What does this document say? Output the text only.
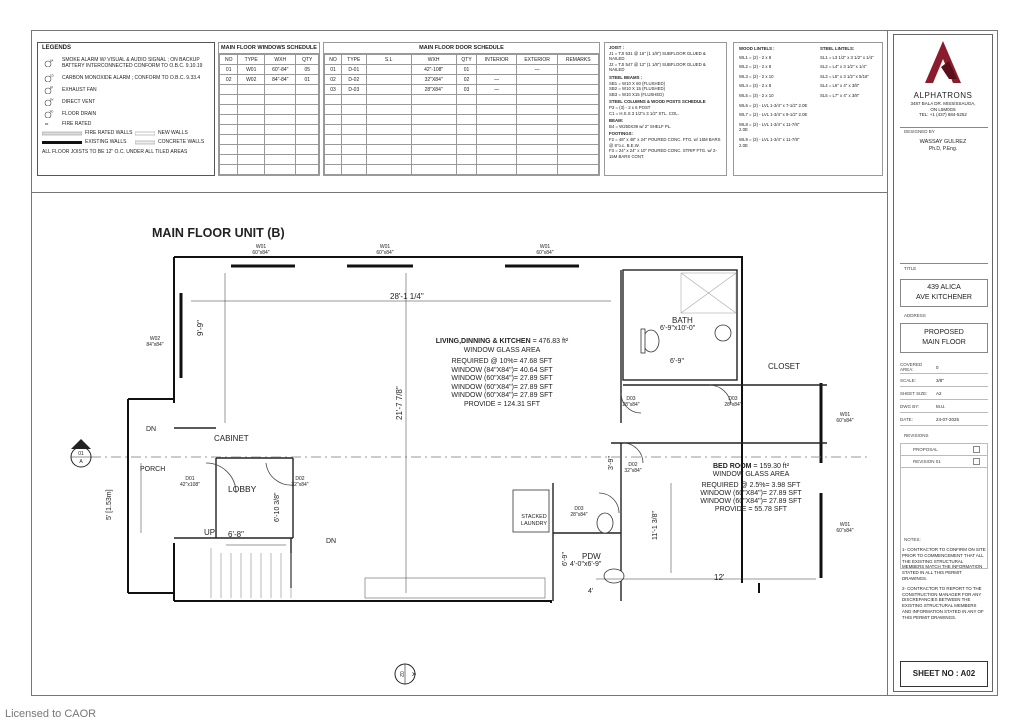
LEGENDS
SA SMOKE ALARM W/ VISUAL & AUDIO SIGNAL ; ON BACKUP BATTERY INTERCONNECTED CONFORM TO O.B.C. 9.10.19
CO CARBON MONOXIDE ALARM ; CONFORM TO O.B.C. 9.33.4
EF EXHAUST FAN
DV DIRECT VENT
FD FLOOR DRAIN
FR	FIRE RATED
FIRE RATED WALLS	NEW WALLS
EXISTING WALLS	CONCRETE WALLS
ALL FLOOR JOISTS TO BE 12" O.C. UNDER ALL TILED AREAS
MAIN FLOOR WINDOWS SCHEDULE
NO	TYPE	WXH	QTY
01	W01	60"-84"	05
02	W02	84"-84"	01

MAIN FLOOR DOOR SCHEDULE
NO	TYPE	S.L	WXH	QTY	INTERIOR	EXTERIOR	REMARKS
01	D-01		42"-108"	01		⁓	
02	D-02		32"X84"	02	⁓		
03	D-03		28"X84"	03	⁓		

JOIST :
J1 = TJI 531 @ 16" (1 1/8") SUBFLOOR GLUED & NAILED
J2 = TJI 547 @ 12" (1 1/8") SUBFLOOR GLUED & NAILED
STEEL BEAMS :
SB1 = W10 X 60 (FLUSHED)
SB2 = W10 X 15 (FLUSHED)
SB3 = W10 X15 (FLUSHED)
STEEL COLUMNS & WOOD POSTS SCHEDULE
P3 = (3) - 2 x 6 POST
C1 = H.S.S 3 1/2"x 3 1/2" STL. COL.
BEAM:
B4 = W250X39 w/ 2" SHELF PL.
FOOTINGS:
F2 = 48" x 48" x 24" POURED CONC. FTG. w/ 15M BARS @ 8"o.c. B.E.W.
F3 = 24" x 24" x 10" POURED CONC. STRIP FTG. w/ 2-15M BARS CONT.
WOOD LINTELS :
WL1 = (2) - 2 x 8
WL2 = (2) - 2 x 8
WL3 = (2) - 2 x 10
WL4 = (3) - 2 x 8
WL5 = (3) - 2 x 10
WL6 = (2) - LVL 1-3/4" x 7-1/2" 2.0E
WL7 = (2) - LVL 1-3/4" x 9-1/2" 2.0E
WL8 = (2) - LVL 1-3/4" x 11-7/8" 2.0E
WL9 = (3) - LVL 1-3/4" x 11-7/8" 2.0E
STEEL LINTELS:
SL1 = L3 1/2" x 3 1/2" x 1/4"
SL2 = L4" x 3 1/2" x 1/4"
SL3 = L5" x 3 1/2" x 5/16"
SL4 = L6" x 4" x 3/8"
SL5 = L7" x 4" x 3/8"	ALPHATRONS
3487 BALA DR. MISSISSAUGA,
ON L5M0G5
TEL: +1 (437) 684-5252
DESIGNED BY
WASSAY GULREZ
Ph.D, P.Eng.
TITLE
439 ALICA
AVE KITCHENER
ADDRESS
PROPOSED
MAIN FLOOR
COVERED AREA:	0
SCALE:	3/8"
SHEET SIZE:	A2
DWG BY:	M.U.
DATE:	24-07-2025
REVISIONS
PROPOSAL
REVISION 01
NOTES:
1- CONTRACTOR TO CONFIRM ON SITE PRIOR TO COMMENCEMENT THAT ALL THE EXISTING STRUCTURAL MEMBERS MATCH THE INFORMATION STATED IN ALL THIS PERMIT DRAWINGS.
2- CONTRACTOR TO REPORT TO THE CONSTRUCTION MANAGER FOR ANY DISCREPANCIES BETWEEN THE EXISTING STRUCTURAL MEMBERS AND INFORMATION STATED IN ANY OF THIS PERMIT DRAWINGS.
SHEET NO : A02
MAIN FLOOR UNIT (B)
W01
60"x84"
W01
60"x84"
W01
60"x84"
W02
84"x84"
W01
60"x84"
W01
60"x84"
28'-1 1/4"
9'-9"
21'-7 7/8"
LIVING,DINNING & KITCHEN = 476.83 ft²
WINDOW GLASS AREA
REQUIRED @ 10%= 47.68 SFT
WINDOW (84"X84")= 40.64 SFT
WINDOW (60"X84")= 27.89 SFT
WINDOW (60"X84")= 27.89 SFT
WINDOW (60"X84")= 27.89 SFT
PROVIDE = 124.31 SFT
BATH
6'-9"x10'-0"
6'-9"
CLOSET
BED ROOM = 159.30 ft²
WINDOW GLASS AREA
REQUIRED @ 2.5%= 3.98 SFT
WINDOW (60"X84")= 27.89 SFT
WINDOW (60"X84")= 27.89 SFT
PROVIDE = 55.78 SFT
12'
11'-1 3/8"
CABINET
PORCH
LOBBY
DN
DN
UP 6'-8"
5' [1.53m]	6'-10 3/8"	STACKED
LAUNDRY
PDW
4'-0"x6'-9"
4'
6'-9"
3'-9"
D01
42"x108"
D02
32"x84"
D03
28"x84"
D03
28"x84"
D02
32"x84"
D03
28"x84"
01
A
02 A
Licensed to CAOR
